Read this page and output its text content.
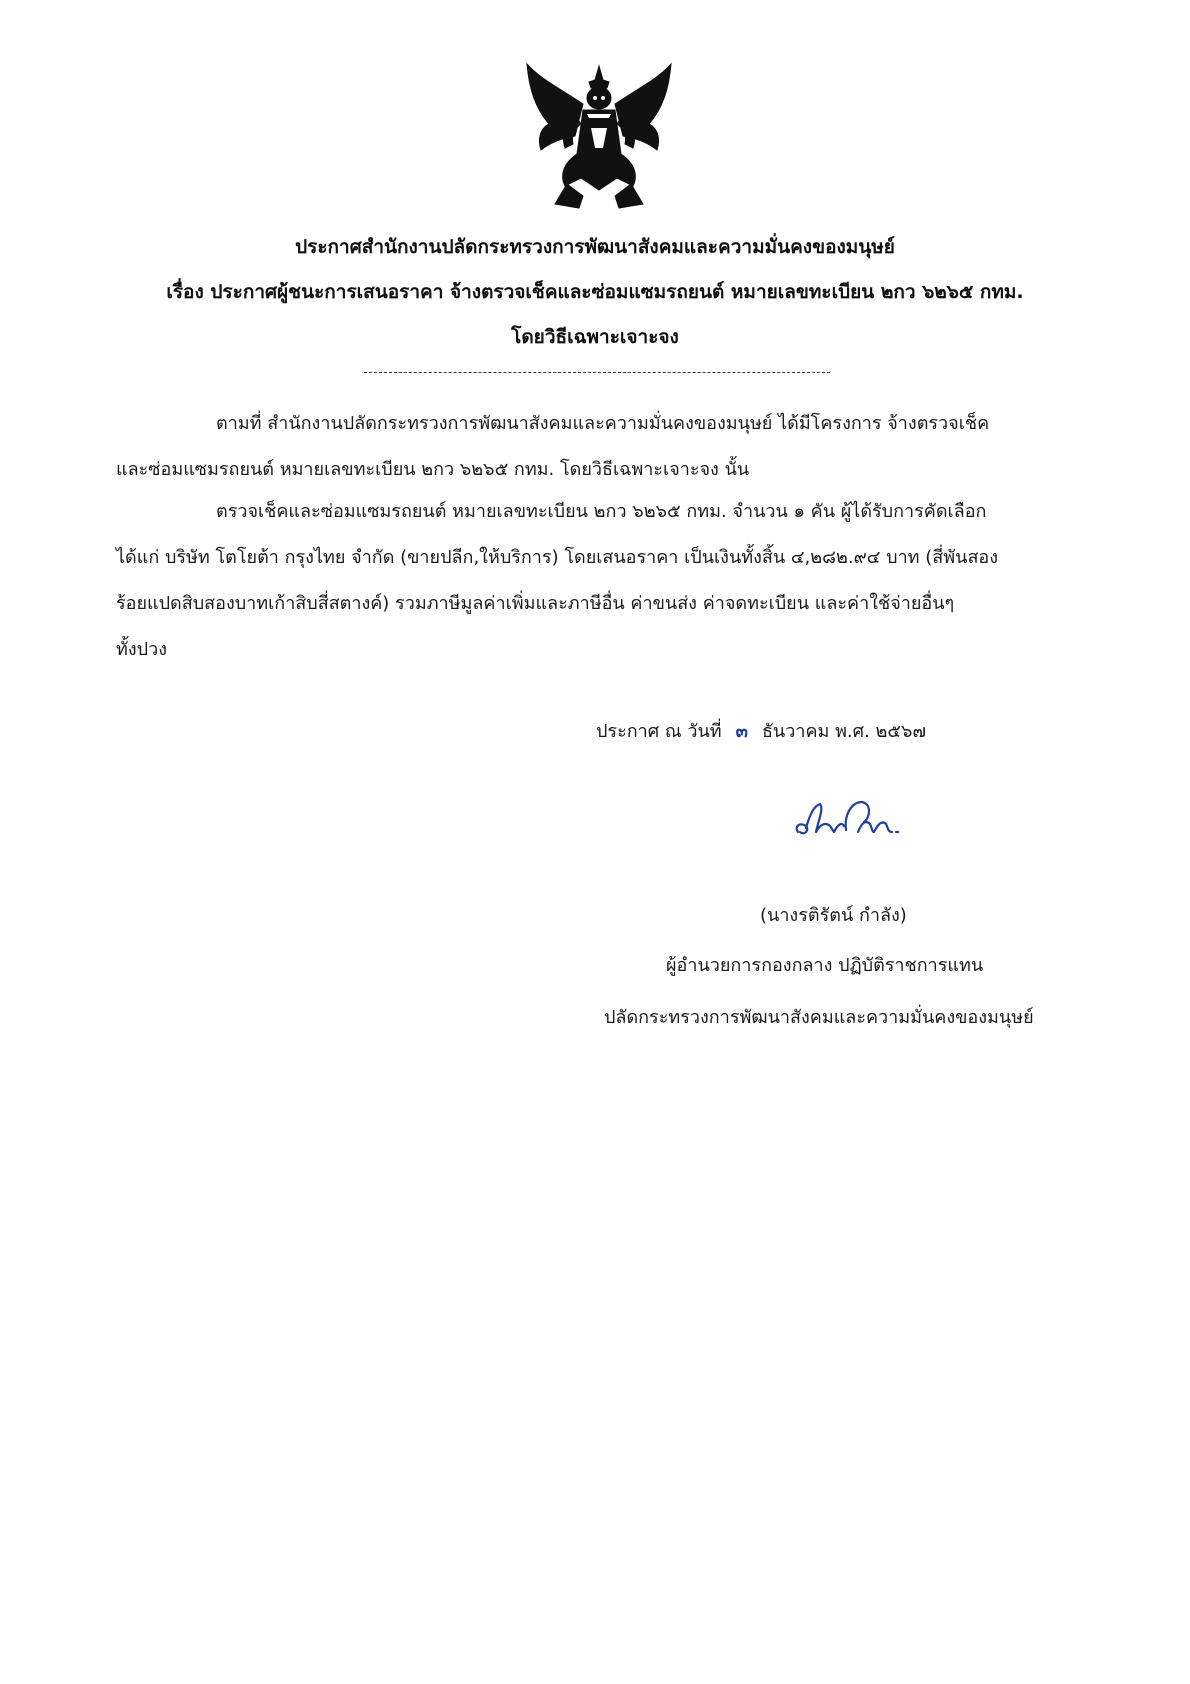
ประกาศสำนักงานปลัดกระทรวงการพัฒนาสังคมและความมั่นคงของมนุษย์
เรื่อง ประกาศผู้ชนะการเสนอราคา จ้างตรวจเช็คและซ่อมแซมรถยนต์ หมายเลขทะเบียน ๒กว ๖๒๖๕ กทม.
โดยวิธีเฉพาะเจาะจง
ตามที่ สำนักงานปลัดกระทรวงการพัฒนาสังคมและความมั่นคงของมนุษย์ ได้มีโครงการ จ้างตรวจเช็ค
และซ่อมแซมรถยนต์ หมายเลขทะเบียน ๒กว ๖๒๖๕ กทม. โดยวิธีเฉพาะเจาะจง นั้น
ตรวจเช็คและซ่อมแซมรถยนต์ หมายเลขทะเบียน ๒กว ๖๒๖๕ กทม. จำนวน ๑ คัน ผู้ได้รับการคัดเลือก
ได้แก่ บริษัท โตโยต้า กรุงไทย จำกัด (ขายปลีก,ให้บริการ) โดยเสนอราคา เป็นเงินทั้งสิ้น ๔,๒๘๒.๙๔ บาท (สี่พันสอง
ร้อยแปดสิบสองบาทเก้าสิบสี่สตางค์) รวมภาษีมูลค่าเพิ่มและภาษีอื่น ค่าขนส่ง ค่าจดทะเบียน และค่าใช้จ่ายอื่นๆ
ทั้งปวง
ประกาศ ณ วันที่ ๓ ธันวาคม พ.ศ. ๒๕๖๗
(นางรติรัตน์ กำลัง)
ผู้อำนวยการกองกลาง ปฏิบัติราชการแทน
ปลัดกระทรวงการพัฒนาสังคมและความมั่นคงของมนุษย์
